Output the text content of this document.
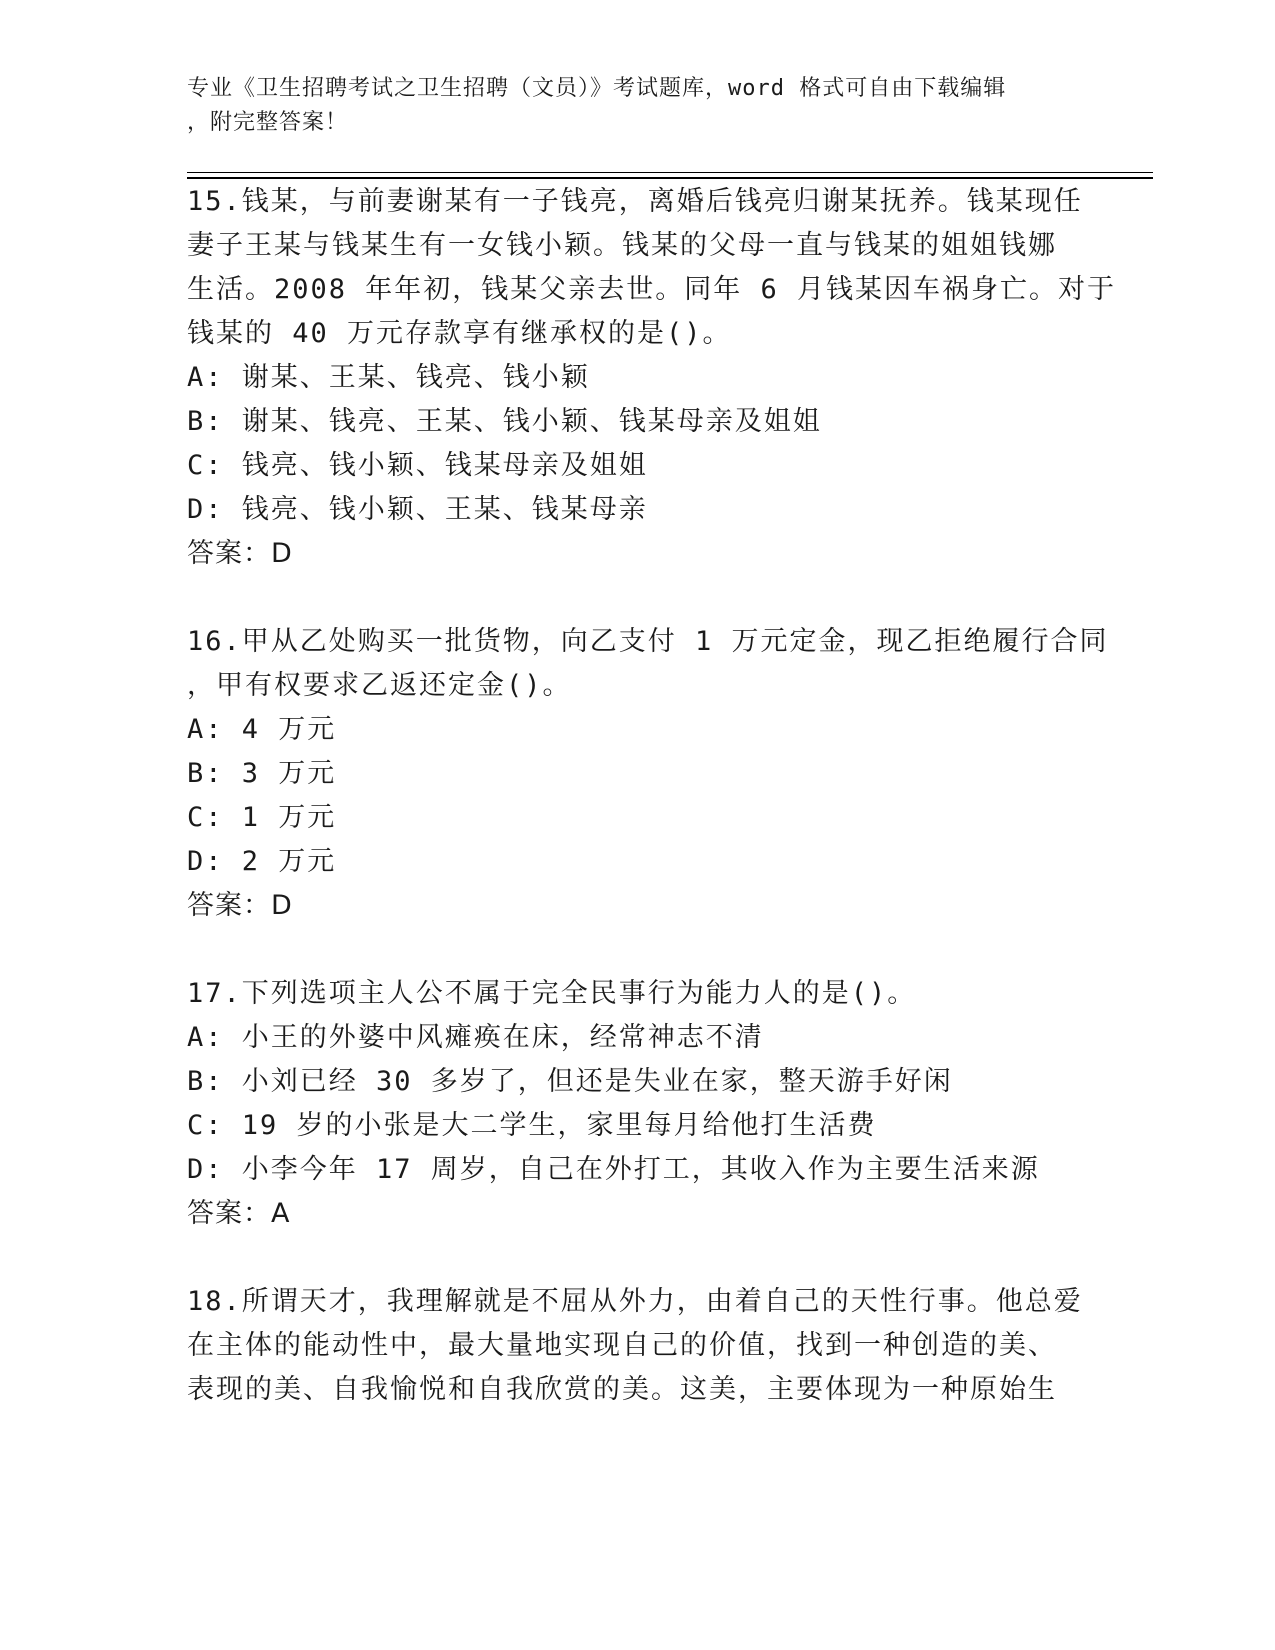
专业《卫生招聘考试之卫生招聘（文员）》考试题库，word 格式可自由下载编辑
，附完整答案！
15.钱某，与前妻谢某有一子钱亮，离婚后钱亮归谢某抚养。钱某现任
妻子王某与钱某生有一女钱小颖。钱某的父母一直与钱某的姐姐钱娜
生活。2008 年年初，钱某父亲去世。同年 6 月钱某因车祸身亡。对于
钱某的 40 万元存款享有继承权的是()。
A: 谢某、王某、钱亮、钱小颖
B: 谢某、钱亮、王某、钱小颖、钱某母亲及姐姐
C: 钱亮、钱小颖、钱某母亲及姐姐
D: 钱亮、钱小颖、王某、钱某母亲
答案：D
16.甲从乙处购买一批货物，向乙支付 1 万元定金，现乙拒绝履行合同
，甲有权要求乙返还定金()。
A: 4 万元
B: 3 万元
C: 1 万元
D: 2 万元
答案：D
17.下列选项主人公不属于完全民事行为能力人的是()。
A: 小王的外婆中风瘫痪在床，经常神志不清
B: 小刘已经 30 多岁了，但还是失业在家，整天游手好闲
C: 19 岁的小张是大二学生，家里每月给他打生活费
D: 小李今年 17 周岁，自己在外打工，其收入作为主要生活来源
答案：A
18.所谓天才，我理解就是不屈从外力，由着自己的天性行事。他总爱
在主体的能动性中，最大量地实现自己的价值，找到一种创造的美、
表现的美、自我愉悦和自我欣赏的美。这美，主要体现为一种原始生
